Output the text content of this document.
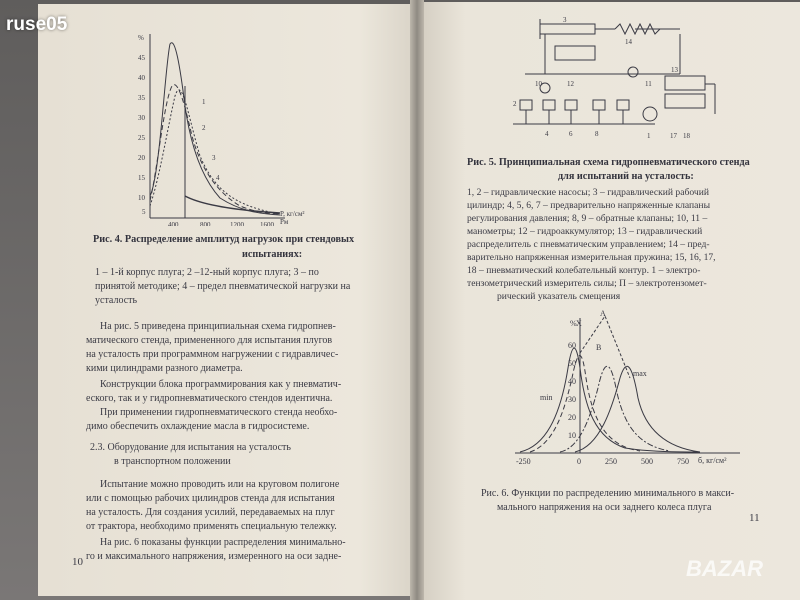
%
45
40
35
30
25
20
15
10
5
400	800	1200 1600
P, кг/см²
Рм
1
2
3
4
Рис. 4. Распределение амплитуд нагрузок при стендовых
испытаниях:
1 – 1-й корпус плуга; 2 –12-ный корпус плуга; 3 – по
принятой методике; 4 – предел пневматической нагрузки на
усталость
На рис. 5 приведена принципиальная схема гидропнев-
матического стенда, примененного для испытания плугов
на усталость при программном нагружении с гидравличес-
кими цилиндрами разного диаметра.
Конструкции блока программирования как у пневматич-
еского, так и у гидропневматического стендов идентична.
При применении гидропневматического стенда необхо-
димо обеспечить охлаждение масла в гидросистеме.
2.3. Оборудование для испытания на усталость
в транспортном положении
Испытание можно проводить или на круговом полигоне
или с помощью рабочих цилиндров стенда для испытания
на усталость. Для создания усилий, передаваемых на плуг
от трактора, необходимо применять специальную тележку.
На рис. 6 показаны функции распределения минимально-
го и максимального напряжения, измеренного на оси задне-
10
3
14
2
10	12	11
13
17 18
4	6	8	1
Рис. 5. Принципиальная схема гидропневматического стенда
для испытаний на усталость:
1, 2 – гидравлические насосы; 3 – гидравлический рабочий
цилиндр; 4, 5, 6, 7 – предварительно напряженные клапаны
регулирования давления; 8, 9 – обратные клапаны; 10, 11 –
манометры; 12 – гидроаккумулятор; 13 – гидравлический
распределитель с пневматическим управлением; 14 – пред-
варительно напряженная измерительная пружина; 15, 16, 17,
18 – пневматический колебательный контур. 1 – электро-
тензометрический измеритель силы; П – электротензомет-
рический указатель смещения
-250	0	250	500	750 б, кг/см²
%
60
50
40
30
20
10
A
B
min
max
X
Рис. 6. Функции по распределению минимального в макси-
мального напряжения на оси заднего колеса плуга
11
ruse05
BAZAR
